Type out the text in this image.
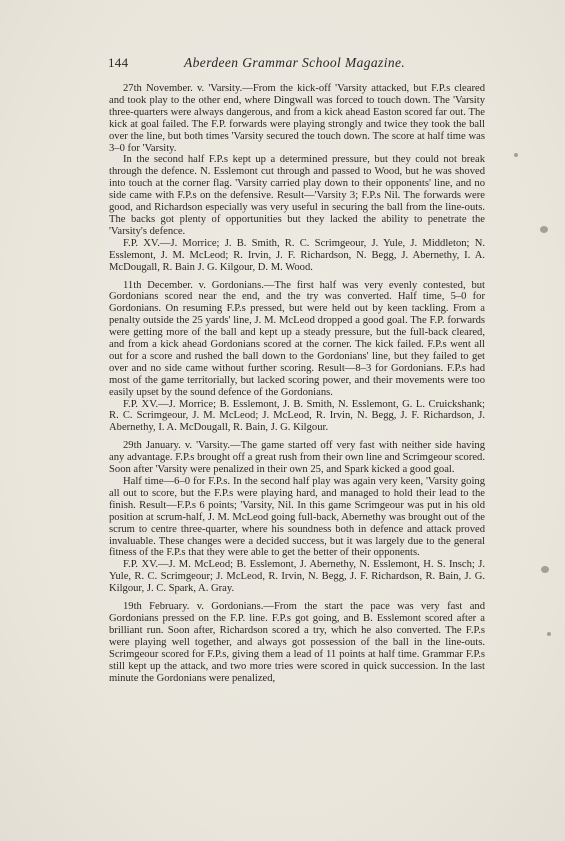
144	Aberdeen Grammar School Magazine.

27th November. v. 'Varsity.—From the kick-off 'Varsity attacked, but F.P.s cleared and took play to the other end, where Dingwall was forced to touch down. The 'Varsity three-quarters were always dangerous, and from a kick ahead Easton scored far out. The kick at goal failed. The F.P. forwards were playing strongly and twice they took the ball over the line, but both times 'Varsity secured the touch down. The score at half time was 3–0 for 'Varsity.

In the second half F.P.s kept up a determined pressure, but they could not break through the defence. N. Esslemont cut through and passed to Wood, but he was shoved into touch at the corner flag. 'Varsity carried play down to their opponents' line, and no side came with F.P.s on the defensive. Result—'Varsity 3; F.P.s Nil. The forwards were good, and Richardson especially was very useful in securing the ball from the line-outs. The backs got plenty of opportunities but they lacked the ability to penetrate the 'Varsity's defence.

F.P. XV.—J. Morrice; J. B. Smith, R. C. Scrimgeour, J. Yule, J. Middleton; N. Esslemont, J. M. McLeod; R. Irvin, J. F. Richardson, N. Begg, J. Abernethy, I. A. McDougall, R. Bain J. G. Kilgour, D. M. Wood.

11th December. v. Gordonians.—The first half was very evenly contested, but Gordonians scored near the end, and the try was converted. Half time, 5–0 for Gordonians. On resuming F.P.s pressed, but were held out by keen tackling. From a penalty outside the 25 yards' line, J. M. McLeod dropped a good goal. The F.P. forwards were getting more of the ball and kept up a steady pressure, but the full-back cleared, and from a kick ahead Gordonians scored at the corner. The kick failed. F.P.s went all out for a score and rushed the ball down to the Gordonians' line, but they failed to get over and no side came without further scoring. Result—8–3 for Gordonians. F.P.s had most of the game territorially, but lacked scoring power, and their movements were too easily upset by the sound defence of the Gordonians.

F.P. XV.—J. Morrice; B. Esslemont, J. B. Smith, N. Esslemont, G. L. Cruickshank; R. C. Scrimgeour, J. M. McLeod; J. McLeod, R. Irvin, N. Begg, J. F. Richardson, J. Abernethy, I. A. McDougall, R. Bain, J. G. Kilgour.

29th January. v. 'Varsity.—The game started off very fast with neither side having any advantage. F.P.s brought off a great rush from their own line and Scrimgeour scored. Soon after 'Varsity were penalized in their own 25, and Spark kicked a good goal.

Half time—6–0 for F.P.s. In the second half play was again very keen, 'Varsity going all out to score, but the F.P.s were playing hard, and managed to hold their lead to the finish. Result—F.P.s 6 points; 'Varsity, Nil. In this game Scrimgeour was put in his old position at scrum-half, J. M. McLeod going full-back, Abernethy was brought out of the scrum to centre three-quarter, where his soundness both in defence and attack proved invaluable. These changes were a decided success, but it was largely due to the general fitness of the F.P.s that they were able to get the better of their opponents.

F.P. XV.—J. M. McLeod; B. Esslemont, J. Abernethy, N. Esslemont, H. S. Insch; J. Yule, R. C. Scrimgeour; J. McLeod, R. Irvin, N. Begg, J. F. Richardson, R. Bain, J. G. Kilgour, J. C. Spark, A. Gray.

19th February. v. Gordonians.—From the start the pace was very fast and Gordonians pressed on the F.P. line. F.P.s got going, and B. Esslemont scored after a brilliant run. Soon after, Richardson scored a try, which he also converted. The F.P.s were playing well together, and always got possession of the ball in the line-outs. Scrimgeour scored for F.P.s, giving them a lead of 11 points at half time. Grammar F.P.s still kept up the attack, and two more tries were scored in quick succession. In the last minute the Gordonians were penalized,
